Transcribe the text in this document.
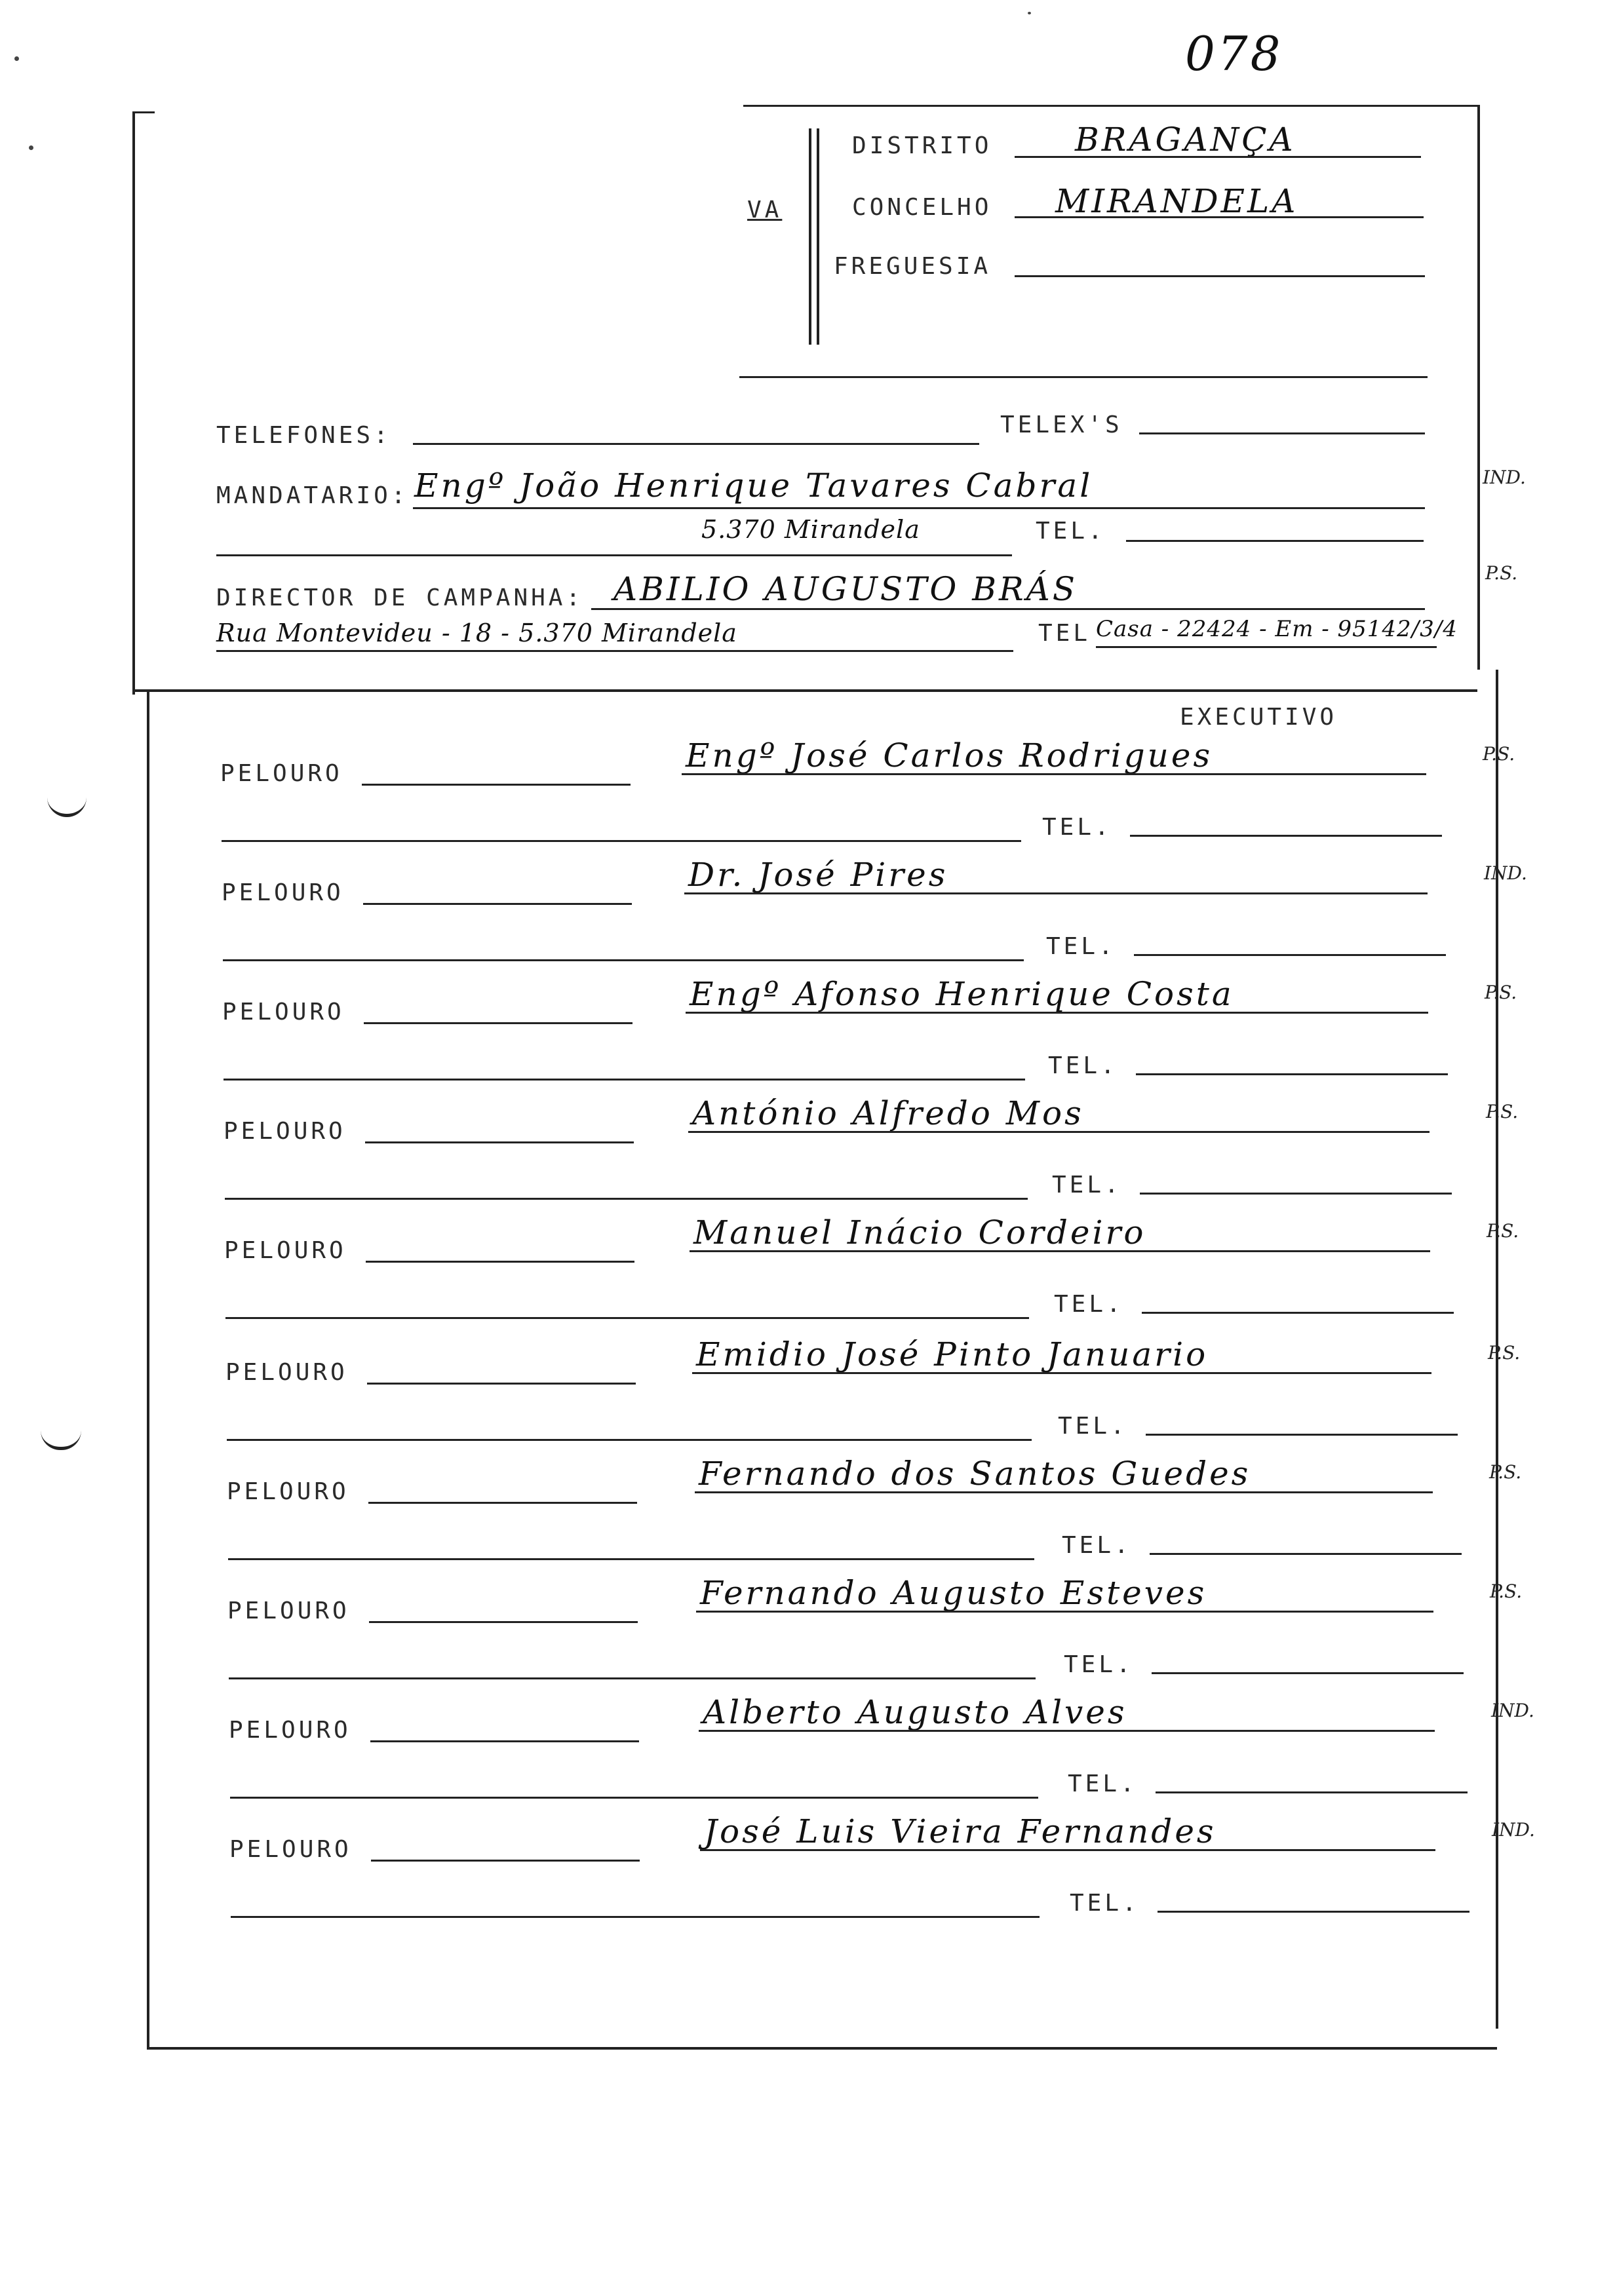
078
VA
DISTRITO	BRAGANÇA
CONCELHO MIRANDELA
FREGUESIA
TELEFONES:	TELEX'S
MANDATARIO: Engº João Henrique Tavares Cabral	IND.
5.370 Mirandela	TEL.
DIRECTOR DE CAMPANHA: ABILIO AUGUSTO BRÁS	P.S.
Rua Montevideu - 18 - 5.370 Mirandela	TEL Casa - 22424 - Em - 95142/3/4
EXECUTIVO
PELOURO	Engº José Carlos Rodrigues	P.S.
TEL.
PELOURO	Dr. José Pires	IND.
TEL.
PELOURO	Engº Afonso Henrique Costa	P.S.
TEL.
PELOURO	António Alfredo Mos	P.S.
TEL.
PELOURO	Manuel Inácio Cordeiro	P.S.
TEL.
PELOURO	Emidio José Pinto Januario	P.S.
TEL.
PELOURO	Fernando dos Santos Guedes	P.S.
TEL.
PELOURO	Fernando Augusto Esteves	P.S.
TEL.
PELOURO	Alberto Augusto Alves	IND.
TEL.
PELOURO	José Luis Vieira Fernandes	IND.
TEL.
